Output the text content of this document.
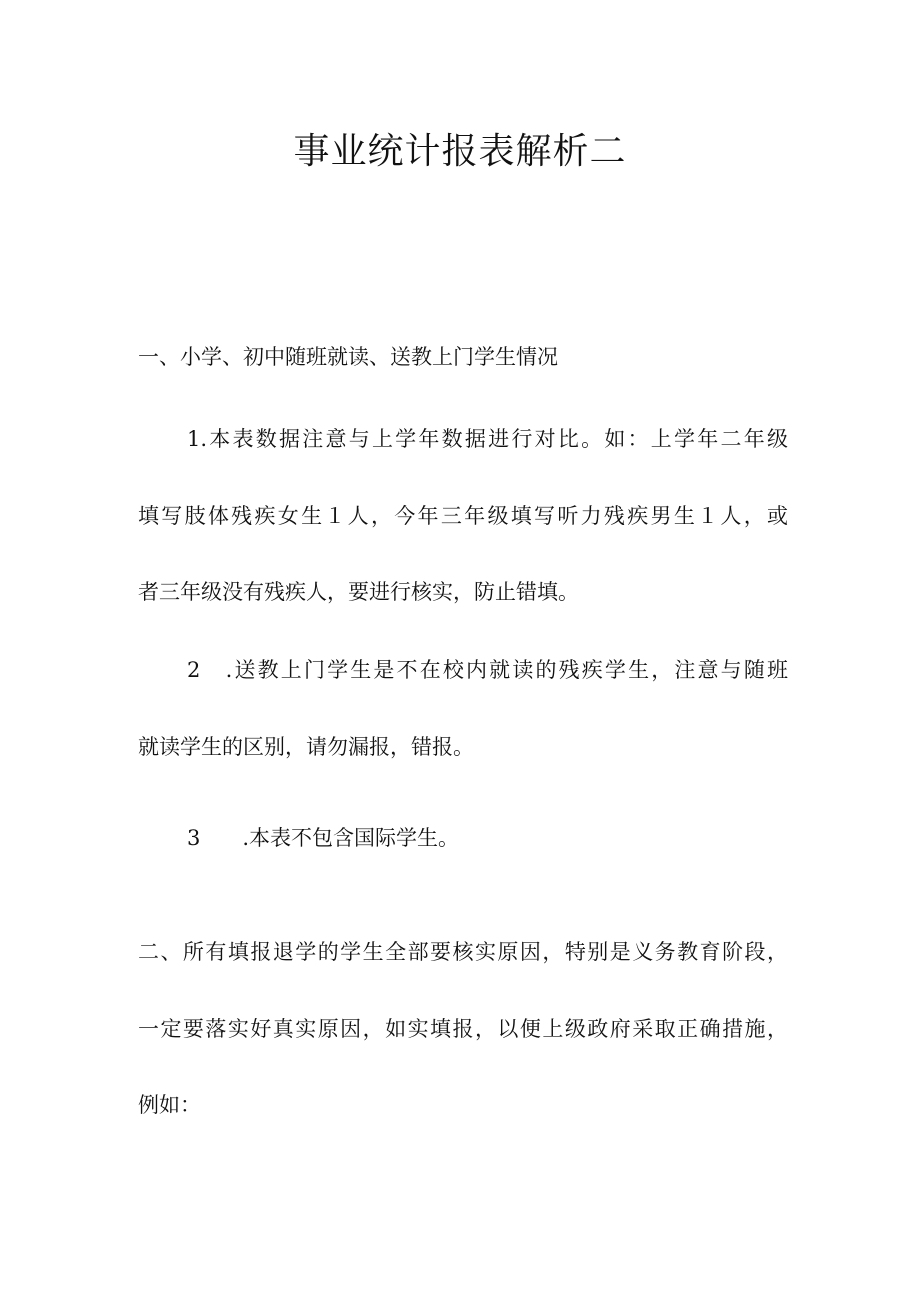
事业统计报表解析二

一、小学、初中随班就读、送教上门学生情况

1.本表数据注意与上学年数据进行对比。如：上学年二年级

填写肢体残疾女生１人，今年三年级填写听力残疾男生１人，或

者三年级没有残疾人，要进行核实，防止错填。

2　.送教上门学生是不在校内就读的残疾学生，注意与随班

就读学生的区别，请勿漏报，错报。

3　　.本表不包含国际学生。

二、所有填报退学的学生全部要核实原因，特别是义务教育阶段，

一定要落实好真实原因，如实填报，以便上级政府采取正确措施，

例如：
